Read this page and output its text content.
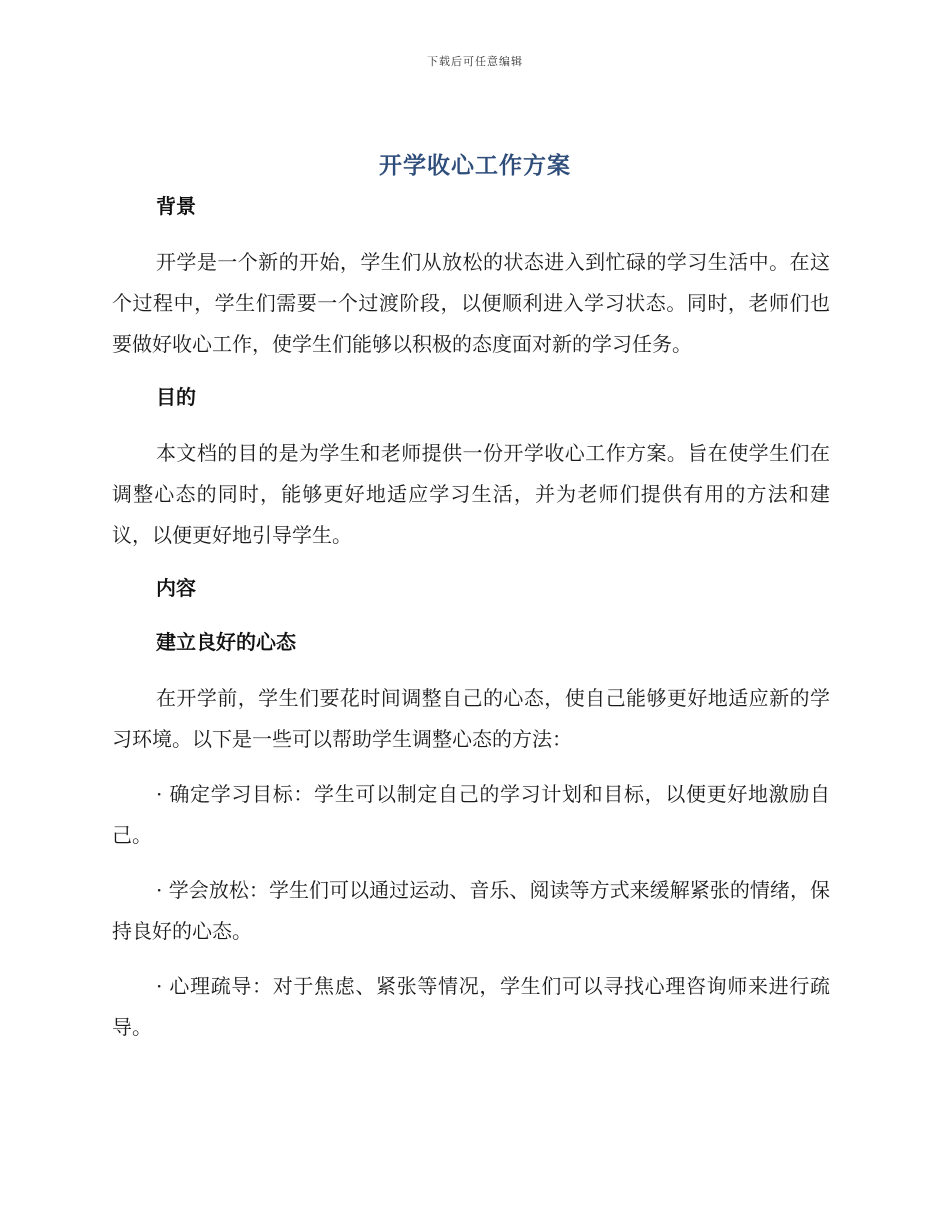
下载后可任意编辑
开学收心工作方案
背景

开学是一个新的开始，学生们从放松的状态进入到忙碌的学习生活中。在这个过程中，学生们需要一个过渡阶段，以便顺利进入学习状态。同时，老师们也要做好收心工作，使学生们能够以积极的态度面对新的学习任务。

目的

本文档的目的是为学生和老师提供一份开学收心工作方案。旨在使学生们在调整心态的同时，能够更好地适应学习生活，并为老师们提供有用的方法和建议，以便更好地引导学生。

内容
建立良好的心态

在开学前，学生们要花时间调整自己的心态，使自己能够更好地适应新的学习环境。以下是一些可以帮助学生调整心态的方法：

· 确定学习目标：学生可以制定自己的学习计划和目标，以便更好地激励自己。

· 学会放松：学生们可以通过运动、音乐、阅读等方式来缓解紧张的情绪，保持良好的心态。

· 心理疏导：对于焦虑、紧张等情况，学生们可以寻找心理咨询师来进行疏导。
